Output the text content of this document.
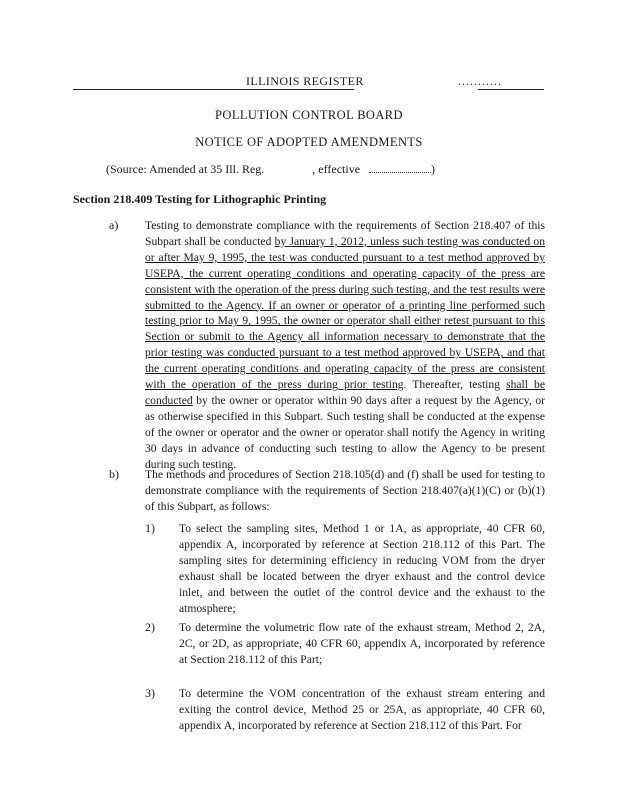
ILLINOIS REGISTER	...........
POLLUTION CONTROL BOARD
NOTICE OF ADOPTED AMENDMENTS
(Source: Amended at 35 Ill. Reg.	, effective	)
Section 218.409 Testing for Lithographic Printing
a) Testing to demonstrate compliance with the requirements of Section 218.407 of this Subpart shall be conducted by January 1, 2012, unless such testing was conducted on or after May 9, 1995, the test was conducted pursuant to a test method approved by USEPA, the current operating conditions and operating capacity of the press are consistent with the operation of the press during such testing, and the test results were submitted to the Agency. If an owner or operator of a printing line performed such testing prior to May 9, 1995, the owner or operator shall either retest pursuant to this Section or submit to the Agency all information necessary to demonstrate that the prior testing was conducted pursuant to a test method approved by USEPA, and that the current operating conditions and operating capacity of the press are consistent with the operation of the press during prior testing. Thereafter, testing shall be conducted by the owner or operator within 90 days after a request by the Agency, or as otherwise specified in this Subpart. Such testing shall be conducted at the expense of the owner or operator and the owner or operator shall notify the Agency in writing 30 days in advance of conducting such testing to allow the Agency to be present during such testing.
b) The methods and procedures of Section 218.105(d) and (f) shall be used for testing to demonstrate compliance with the requirements of Section 218.407(a)(1)(C) or (b)(1) of this Subpart, as follows:
1) To select the sampling sites, Method 1 or 1A, as appropriate, 40 CFR 60, appendix A, incorporated by reference at Section 218.112 of this Part. The sampling sites for determining efficiency in reducing VOM from the dryer exhaust shall be located between the dryer exhaust and the control device inlet, and between the outlet of the control device and the exhaust to the atmosphere;
2) To determine the volumetric flow rate of the exhaust stream, Method 2, 2A, 2C, or 2D, as appropriate, 40 CFR 60, appendix A, incorporated by reference at Section 218.112 of this Part;
3) To determine the VOM concentration of the exhaust stream entering and exiting the control device, Method 25 or 25A, as appropriate, 40 CFR 60, appendix A, incorporated by reference at Section 218.112 of this Part. For
